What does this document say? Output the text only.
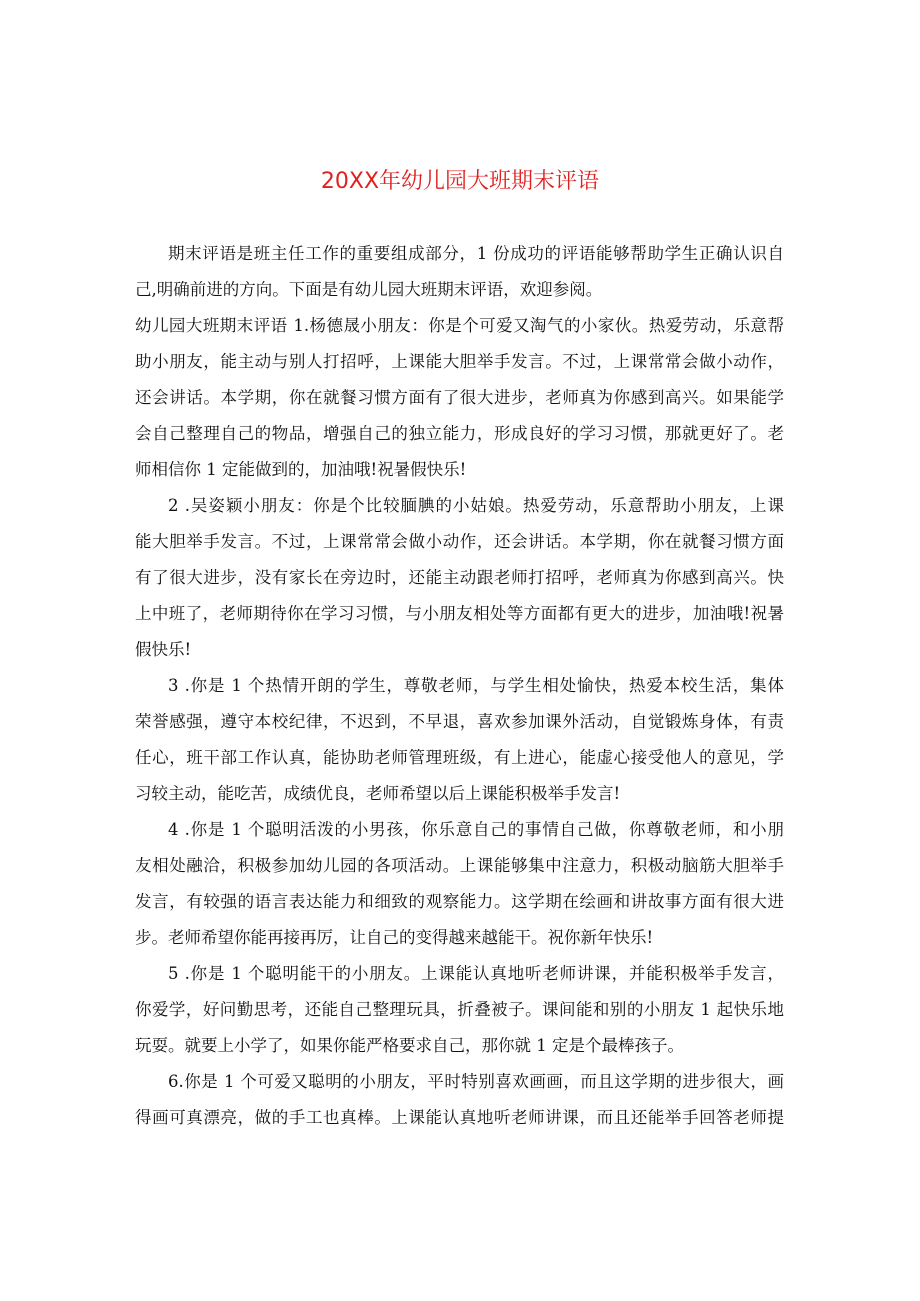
20XX年幼儿园大班期末评语
期末评语是班主任工作的重要组成部分，1 份成功的评语能够帮助学生正确认识自
己,明确前进的方向。下面是有幼儿园大班期末评语，欢迎参阅。
幼儿园大班期末评语 1.杨德晟小朋友：你是个可爱又淘气的小家伙。热爱劳动，乐意帮
助小朋友，能主动与别人打招呼，上课能大胆举手发言。不过，上课常常会做小动作，
还会讲话。本学期，你在就餐习惯方面有了很大进步，老师真为你感到高兴。如果能学
会自己整理自己的物品，增强自己的独立能力，形成良好的学习习惯，那就更好了。老
师相信你 1 定能做到的，加油哦!祝暑假快乐!
2 .吴姿颖小朋友：你是个比较腼腆的小姑娘。热爱劳动，乐意帮助小朋友，上课
能大胆举手发言。不过，上课常常会做小动作，还会讲话。本学期，你在就餐习惯方面
有了很大进步，没有家长在旁边时，还能主动跟老师打招呼，老师真为你感到高兴。快
上中班了，老师期待你在学习习惯，与小朋友相处等方面都有更大的进步，加油哦!祝暑
假快乐!
3 .你是 1 个热情开朗的学生，尊敬老师，与学生相处愉快，热爱本校生活，集体
荣誉感强，遵守本校纪律，不迟到，不早退，喜欢参加课外活动，自觉锻炼身体，有责
任心，班干部工作认真，能协助老师管理班级，有上进心，能虚心接受他人的意见，学
习较主动，能吃苦，成绩优良，老师希望以后上课能积极举手发言!
4 .你是 1 个聪明活泼的小男孩，你乐意自己的事情自己做，你尊敬老师，和小朋
友相处融洽，积极参加幼儿园的各项活动。上课能够集中注意力，积极动脑筋大胆举手
发言，有较强的语言表达能力和细致的观察能力。这学期在绘画和讲故事方面有很大进
步。老师希望你能再接再厉，让自己的变得越来越能干。祝你新年快乐!
5 .你是 1 个聪明能干的小朋友。上课能认真地听老师讲课，并能积极举手发言，
你爱学，好问勤思考，还能自己整理玩具，折叠被子。课间能和别的小朋友 1 起快乐地
玩耍。就要上小学了，如果你能严格要求自己，那你就 1 定是个最棒孩子。
6.你是 1 个可爱又聪明的小朋友，平时特别喜欢画画，而且这学期的进步很大，画
得画可真漂亮，做的手工也真棒。上课能认真地听老师讲课，而且还能举手回答老师提
